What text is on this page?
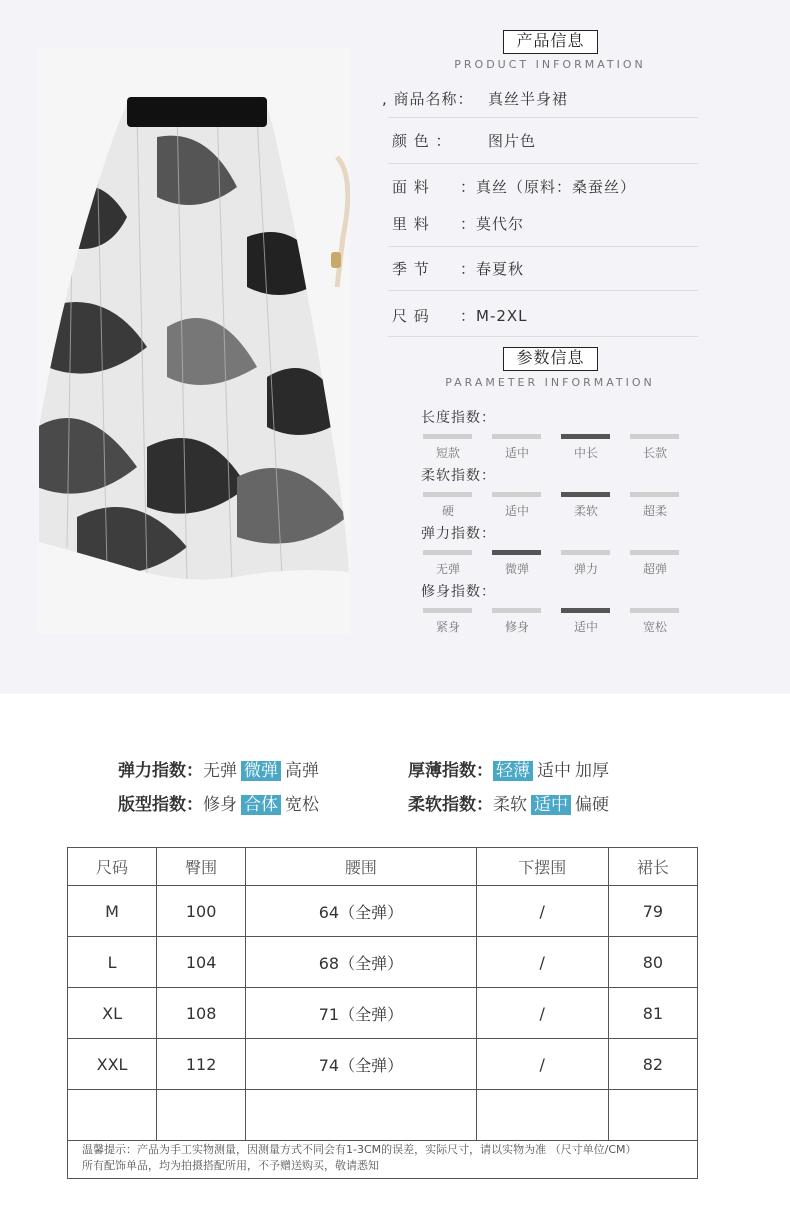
产品信息
PRODUCT INFORMATION
, 商品名称： 真丝半身裙
颜 色 ： 图片色
面 料 ：真丝（原料：桑蚕丝）
里 料 ：莫代尔
季 节 ：春夏秋
尺 码 ：M-2XL
参数信息
PARAMETER INFORMATION
长度指数：
短款	适中	中长	长款
柔软指数：
硬	适中	柔软	超柔
弹力指数：
无弹	微弹	弹力	超弹
修身指数：
紧身	修身	适中	宽松
弹力指数：无弹 微弹 高弹	厚薄指数： 轻薄 适中 加厚
版型指数：修身 合体 宽松	柔软指数：柔软 适中 偏硬
尺码	臀围	腰围	下摆围	裙长
M	100	64（全弹）	/	79
L	104	68（全弹）	/	80
XL	108	71（全弹）	/	81
XXL	112	74（全弹）	/	82

温馨提示：产品为手工实物测量，因测量方式不同会有1-3CM的误差，实际尺寸，请以实物为准 （尺寸单位/CM）
所有配饰单品，均为拍摄搭配所用，不予赠送购买，敬请悉知
